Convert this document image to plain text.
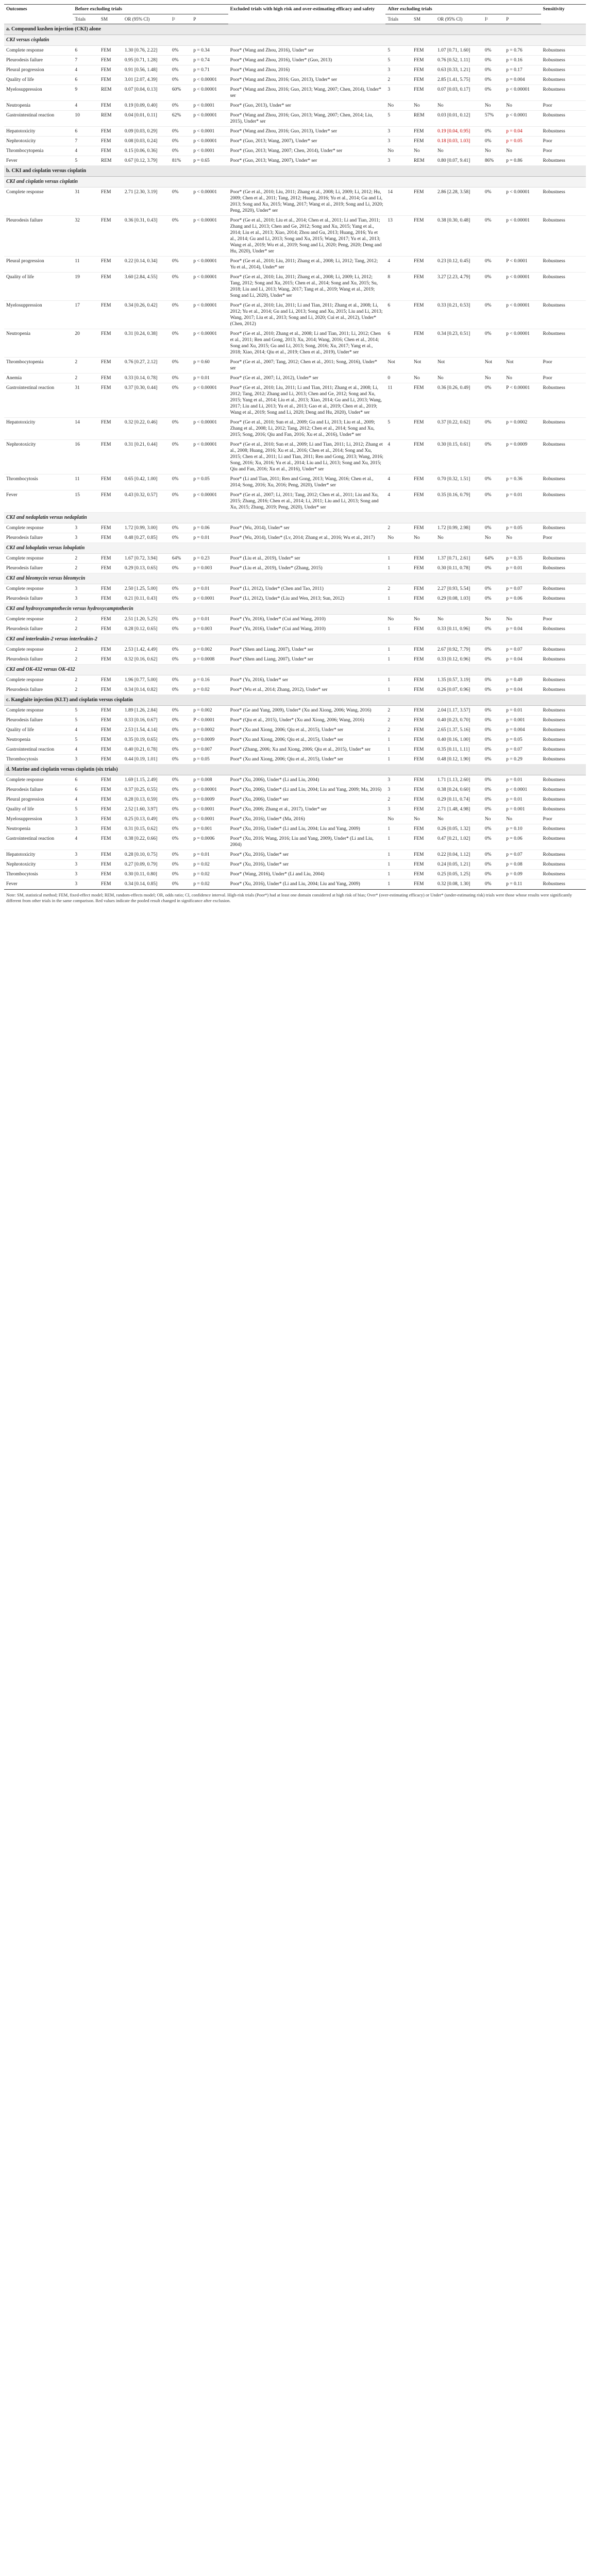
Outcomes	Before excluding trials					Excluded trials with high risk and over-estimating efficacy and safety	After excluding trials					Sensitivity
	Trials	SM	OR (95% CI)	I²	P		Trials	SM	OR (95% CI)	I²	P	
a. Compound kushen injection (CKI) alone												
CKI versus cisplatin												
Complete response	6	FEM	1.30 [0.76, 2.22]	0%	p = 0.34	Poor* (Wang and Zhou, 2016), Under* ser	5	FEM	1.07 [0.71, 1.60]	0%	p = 0.76	Robustness
Pleurodesis failure	7	FEM	0.95 [0.71, 1.28]	0%	p = 0.74	Poor* (Wang and Zhou, 2016), Under* (Guo, 2013)	5	FEM	0.76 [0.52, 1.11]	0%	p = 0.16	Robustness
Pleural progression	4	FEM	0.91 [0.56, 1.48]	0%	p = 0.71	Poor* (Wang and Zhou, 2016)	3	FEM	0.63 [0.33, 1.21]	0%	p = 0.17	Robustness
Quality of life	6	FEM	3.01 [2.07, 4.39]	0%	p < 0.00001	Poor* (Wang and Zhou, 2016; Guo, 2013), Under* ser	2	FEM	2.85 [1.41, 5.75]	0%	p = 0.004	Robustness
Myelosuppression	9	REM	0.07 [0.04, 0.13]	60%	p < 0.00001	Poor* (Wang and Zhou, 2016; Guo, 2013; Wang, 2007; Chen, 2014), Under* ser	3	FEM	0.07 [0.03, 0.17]	0%	p < 0.00001	Robustness
Neutropenia	4	FEM	0.19 [0.09, 0.40]	0%	p < 0.0001	Poor* (Guo, 2013), Under* ser	No	No	No	No	No	Poor
Gastrointestinal reaction	10	REM	0.04 [0.01, 0.11]	62%	p < 0.00001	Poor* (Wang and Zhou, 2016; Guo, 2013; Wang, 2007; Chen, 2014; Liu, 2015), Under* ser	5	REM	0.03 [0.01, 0.12]	57%	p < 0.0001	Robustness
Hepatotoxicity	6	FEM	0.09 [0.03, 0.29]	0%	p < 0.0001	Poor* (Wang and Zhou, 2016; Guo, 2013), Under* ser	3	FEM	0.19 [0.04, 0.95]	0%	p = 0.04	Robustness
Nephrotoxicity	7	FEM	0.08 [0.03, 0.24]	0%	p < 0.00001	Poor* (Guo, 2013; Wang, 2007), Under* ser	3	FEM	0.18 [0.03, 1.03]	0%	p = 0.05	Poor
Thrombocytopenia	4	FEM	0.15 [0.06, 0.36]	0%	p < 0.0001	Poor* (Guo, 2013; Wang, 2007; Chen, 2014), Under* ser	No	No	No	No	No	Poor
Fever	5	REM	0.67 [0.12, 3.79]	81%	p = 0.65	Poor* (Guo, 2013; Wang, 2007), Under* ser	3	REM	0.80 [0.07, 9.41]	86%	p = 0.86	Robustness
b. CKI and cisplatin versus cisplatin												
CKI and cisplatin versus cisplatin												
Complete response	31	FEM	2.71 [2.30, 3.19]	0%	p < 0.00001	Poor* (Ge et al., 2010; Liu, 2011; Zhang et al., 2008; Li, 2009; Li, 2012; Hu, 2009; Chen et al., 2011; Tang, 2012; Huang, 2016; Yu et al., 2014; Gu and Li, 2013; Song and Xu, 2015; Wang, 2017; Wang et al., 2019; Song and Li, 2020; Peng, 2020), Under* ser	14	FEM	2.86 [2.28, 3.58]	0%	p < 0.00001	Robustness
Pleurodesis failure	32	FEM	0.36 [0.31, 0.43]	0%	p < 0.00001	Poor* (Ge et al., 2010; Liu et al., 2014; Chen et al., 2011; Li and Tian, 2011; Zhang and Li, 2013; Chen and Ge, 2012; Song and Xu, 2015; Yang et al., 2014; Liu et al., 2013; Xiao, 2014; Zhou and Gu, 2013; Huang, 2016; Yu et al., 2014; Gu and Li, 2013; Song and Xu, 2015; Wang, 2017; Yu et al., 2013; Wang et al., 2019; Wu et al., 2019; Song and Li, 2020; Peng, 2020; Deng and Hu, 2020), Under* ser	13	FEM	0.38 [0.30, 0.48]	0%	p < 0.00001	Robustness
Pleural progression	11	FEM	0.22 [0.14, 0.34]	0%	p < 0.00001	Poor* (Ge et al., 2010; Liu, 2011; Zhang et al., 2008; Li, 2012; Tang, 2012; Yu et al., 2014), Under* ser	4	FEM	0.23 [0.12, 0.45]	0%	P < 0.0001	Robustness
Quality of life	19	FEM	3.60 [2.84, 4.55]	0%	p < 0.00001	Poor* (Ge et al., 2010; Liu, 2011; Zhang et al., 2008; Li, 2009; Li, 2012; Tang, 2012; Song and Xu, 2015; Chen et al., 2014; Song and Xu, 2015; Su, 2018; Liu and Li, 2013; Wang, 2017; Tang et al., 2019; Wang et al., 2019; Song and Li, 2020), Under* ser	8	FEM	3.27 [2.23, 4.79]	0%	p < 0.00001	Robustness
Myelosuppression	17	FEM	0.34 [0.26, 0.42]	0%	p < 0.00001	Poor* (Ge et al., 2010; Liu, 2011; Li and Tian, 2011; Zhang et al., 2008; Li, 2012; Yu et al., 2014; Gu and Li, 2013; Song and Xu, 2015; Liu and Li, 2013; Wang, 2017; Liu et al., 2013; Song and Li, 2020; Cui et al., 2012), Under* (Chen, 2012)	6	FEM	0.33 [0.21, 0.53]	0%	p < 0.00001	Robustness
Neutropenia	20	FEM	0.31 [0.24, 0.38]	0%	p < 0.00001	Poor* (Ge et al., 2010; Zhang et al., 2008; Li and Tian, 2011; Li, 2012; Chen et al., 2011; Ren and Gong, 2013; Xu, 2014; Wang, 2016; Chen et al., 2014; Song and Xu, 2015; Gu and Li, 2013; Song, 2016; Xu, 2017; Yang et al., 2018; Xiao, 2014; Qiu et al., 2019; Chen et al., 2019), Under* ser	6	FEM	0.34 [0.23, 0.51]	0%	p < 0.00001	Robustness
Thrombocytopenia	2	FEM	0.76 [0.27, 2.12]	0%	p = 0.60	Poor* (Ge et al., 2007; Tang, 2012; Chen et al., 2011; Song, 2016), Under* ser	Not	Not	Not	Not	Not	Poor
Anemia	2	FEM	0.33 [0.14, 0.78]	0%	p = 0.01	Poor* (Ge et al., 2007; Li, 2012), Under* ser	0	No	No	No	No	Poor
Gastrointestinal reaction	31	FEM	0.37 [0.30, 0.44]	0%	p < 0.00001	Poor* (Ge et al., 2010; Liu, 2011; Li and Tian, 2011; Zhang et al., 2008; Li, 2012; Tang, 2012; Zhang and Li, 2013; Chen and Ge, 2012; Song and Xu, 2015; Yang et al., 2014; Liu et al., 2013; Xiao, 2014; Gu and Li, 2013; Wang, 2017; Liu and Li, 2013; Yu et al., 2013; Gao et al., 2019; Chen et al., 2019; Wang et al., 2019; Song and Li, 2020; Deng and Hu, 2020), Under* ser	11	FEM	0.36 [0.26, 0.49]	0%	P < 0.00001	Robustness
Hepatotoxicity	14	FEM	0.32 [0.22, 0.46]	0%	p < 0.00001	Poor* (Ge et al., 2010; Sun et al., 2009; Gu and Li, 2013; Liu et al., 2009; Zhang et al., 2008; Li, 2012; Tang, 2012; Chen et al., 2014; Song and Xu, 2015; Song, 2016; Qiu and Fan, 2016; Xu et al., 2016), Under* ser	5	FEM	0.37 [0.22, 0.62]	0%	p = 0.0002	Robustness
Nephrotoxicity	16	FEM	0.31 [0.21, 0.44]	0%	p < 0.00001	Poor* (Ge et al., 2010; Sun et al., 2009; Li and Tian, 2011; Li, 2012; Zhang et al., 2008; Huang, 2016; Xu et al., 2016; Chen et al., 2014; Song and Xu, 2015; Chen et al., 2011; Li and Tian, 2011; Ren and Gong, 2013; Wang, 2016; Song, 2016; Xu, 2016; Yu et al., 2014; Liu and Li, 2013; Song and Xu, 2015; Qiu and Fan, 2016; Xu et al., 2016), Under* ser	4	FEM	0.30 [0.15, 0.61]	0%	p = 0.0009	Robustness
Thrombocytosis	11	FEM	0.65 [0.42, 1.00]	0%	p = 0.05	Poor* (Li and Tian, 2011; Ren and Gong, 2013; Wang, 2016; Chen et al., 2014; Song, 2016; Xu, 2016; Peng, 2020), Under* ser	4	FEM	0.70 [0.32, 1.51]	0%	p = 0.36	Robustness
Fever	15	FEM	0.43 [0.32, 0.57]	0%	p < 0.00001	Poor* (Ge et al., 2007; Li, 2011; Tang, 2012; Chen et al., 2011; Liu and Xu, 2015; Zhang, 2016; Chen et al., 2014; Li, 2011; Liu and Li, 2013; Song and Xu, 2015; Zhang, 2019; Peng, 2020), Under* ser	4	FEM	0.35 [0.16, 0.79]	0%	p = 0.01	Robustness
CKI and nedaplatin versus nedaplatin												
Complete response	3	FEM	1.72 [0.99, 3.00]	0%	p = 0.06	Poor* (Wu, 2014), Under* ser	2	FEM	1.72 [0.99, 2.98]	0%	p = 0.05	Robustness
Pleurodesis failure	3	FEM	0.48 [0.27, 0.85]	0%	p = 0.01	Poor* (Wu, 2014), Under* (Lv, 2014; Zhang et al., 2016; Wu et al., 2017)	No	No	No	No	No	Poor
CKI and lobaplatin versus lobaplatin												
Complete response	2	FEM	1.67 [0.72, 3.94]	64%	p = 0.23	Poor* (Liu et al., 2019), Under* ser	1	FEM	1.37 [0.71, 2.61]	64%	p = 0.35	Robustness
Pleurodesis failure	2	FEM	0.29 [0.13, 0.65]	0%	p = 0.003	Poor* (Liu et al., 2019), Under* (Zhang, 2015)	1	FEM	0.30 [0.11, 0.78]	0%	p = 0.01	Robustness
CKI and bleomycin versus bleomycin												
Complete response	3	FEM	2.50 [1.25, 5.00]	0%	p = 0.01	Poor* (Li, 2012), Under* (Chen and Tao, 2011)	2	FEM	2.27 [0.93, 5.54]	0%	p = 0.07	Robustness
Pleurodesis failure	3	FEM	0.21 [0.11, 0.43]	0%	p < 0.0001	Poor* (Li, 2012), Under* (Liu and Wen, 2013; Sun, 2012)	1	FEM	0.29 [0.08, 1.03]	0%	p = 0.06	Robustness
CKI and hydroxycamptothecin versus hydroxycamptothecin												
Complete response	2	FEM	2.51 [1.20, 5.25]	0%	p = 0.01	Poor* (Yu, 2016), Under* (Cui and Wang, 2010)	No	No	No	No	No	Poor
Pleurodesis failure	2	FEM	0.28 [0.12, 0.65]	0%	p = 0.003	Poor* (Yu, 2016), Under* (Cui and Wang, 2010)	1	FEM	0.33 [0.11, 0.96]	0%	p = 0.04	Robustness
CKI and interleukin-2 versus interleukin-2												
Complete response	2	FEM	2.53 [1.42, 4.49]	0%	p = 0.002	Poor* (Shen and Liang, 2007), Under* ser	1	FEM	2.67 [0.92, 7.79]	0%	p = 0.07	Robustness
Pleurodesis failure	2	FEM	0.32 [0.16, 0.62]	0%	p = 0.0008	Poor* (Shen and Liang, 2007), Under* ser	1	FEM	0.33 [0.12, 0.96]	0%	p = 0.04	Robustness
CKI and OK-432 versus OK-432												
Complete response	2	FEM	1.96 [0.77, 5.00]	0%	p = 0.16	Poor* (Yu, 2016), Under* ser	1	FEM	1.35 [0.57, 3.19]	0%	p = 0.49	Robustness
Pleurodesis failure	2	FEM	0.34 [0.14, 0.82]	0%	p = 0.02	Poor* (Wu et al., 2014; Zhang, 2012), Under* ser	1	FEM	0.26 [0.07, 0.96]	0%	p = 0.04	Robustness
c. Kanglaite injection (KLT) and cisplatin versus cisplatin												
Complete response	5	FEM	1.89 [1.26, 2.84]	0%	p = 0.002	Poor* (Ge and Yang, 2009), Under* (Xu and Xiong, 2006; Wang, 2016)	2	FEM	2.04 [1.17, 3.57]	0%	p = 0.01	Robustness
Pleurodesis failure	5	FEM	0.33 [0.16, 0.67]	0%	P < 0.0001	Poor* (Qiu et al., 2015), Under* (Xu and Xiong, 2006; Wang, 2016)	2	FEM	0.40 [0.23, 0.70]	0%	p = 0.001	Robustness
Quality of life	4	FEM	2.53 [1.54, 4.14]	0%	p = 0.0002	Poor* (Xu and Xiong, 2006; Qiu et al., 2015), Under* ser	2	FEM	2.65 [1.37, 5.16]	0%	p = 0.004	Robustness
Neutropenia	5	FEM	0.35 [0.19, 0.65]	0%	p = 0.0009	Poor* (Xu and Xiong, 2006; Qiu et al., 2015), Under* ser	1	FEM	0.40 [0.16, 1.00]	0%	p = 0.05	Robustness
Gastrointestinal reaction	4	FEM	0.40 [0.21, 0.78]	0%	p = 0.007	Poor* (Zhang, 2006; Xu and Xiong, 2006; Qiu et al., 2015), Under* ser	1	FEM	0.35 [0.11, 1.11]	0%	p = 0.07	Robustness
Thrombocytosis	3	FEM	0.44 [0.19, 1.01]	0%	p = 0.05	Poor* (Xu and Xiong, 2006; Qiu et al., 2015), Under* ser	1	FEM	0.48 [0.12, 1.90]	0%	p = 0.29	Robustness
d. Matrine and cisplatin versus cisplatin (six trials)												
Complete response	6	FEM	1.69 [1.15, 2.49]	0%	p = 0.008	Poor* (Xu, 2006), Under* (Li and Liu, 2004)	3	FEM	1.71 [1.13, 2.60]	0%	p = 0.01	Robustness
Pleurodesis failure	6	FEM	0.37 [0.25, 0.55]	0%	p < 0.00001	Poor* (Xu, 2006), Under* (Li and Liu, 2004; Liu and Yang, 2009; Ma, 2016)	3	FEM	0.38 [0.24, 0.60]	0%	p < 0.0001	Robustness
Pleural progression	4	FEM	0.28 [0.13, 0.59]	0%	p = 0.0009	Poor* (Xu, 2006), Under* ser	2	FEM	0.29 [0.11, 0.74]	0%	p = 0.01	Robustness
Quality of life	5	FEM	2.52 [1.60, 3.97]	0%	p < 0.0001	Poor* (Xu, 2006; Zhang et al., 2017), Under* ser	3	FEM	2.71 [1.48, 4.98]	0%	p = 0.001	Robustness
Myelosuppression	3	FEM	0.25 [0.13, 0.49]	0%	p < 0.0001	Poor* (Xu, 2016), Under* (Ma, 2016)	No	No	No	No	No	Poor
Neutropenia	3	FEM	0.31 [0.15, 0.62]	0%	p = 0.001	Poor* (Xu, 2016), Under* (Li and Liu, 2004; Liu and Yang, 2009)	1	FEM	0.26 [0.05, 1.32]	0%	p = 0.10	Robustness
Gastrointestinal reaction	4	FEM	0.38 [0.22, 0.66]	0%	p = 0.0006	Poor* (Xu, 2016; Wang, 2016; Liu and Yang, 2009), Under* (Li and Liu, 2004)	1	FEM	0.47 [0.21, 1.02]	0%	p = 0.06	Robustness
Hepatotoxicity	3	FEM	0.28 [0.10, 0.75]	0%	p = 0.01	Poor* (Xu, 2016), Under* ser	1	FEM	0.22 [0.04, 1.12]	0%	p = 0.07	Robustness
Nephrotoxicity	3	FEM	0.27 [0.09, 0.79]	0%	p = 0.02	Poor* (Xu, 2016), Under* ser	1	FEM	0.24 [0.05, 1.21]	0%	p = 0.08	Robustness
Thrombocytosis	3	FEM	0.30 [0.11, 0.80]	0%	p = 0.02	Poor* (Wang, 2016), Under* (Li and Liu, 2004)	1	FEM	0.25 [0.05, 1.25]	0%	p = 0.09	Robustness
Fever	3	FEM	0.34 [0.14, 0.85]	0%	p = 0.02	Poor* (Xu, 2016), Under* (Li and Liu, 2004; Liu and Yang, 2009)	1	FEM	0.32 [0.08, 1.30]	0%	p = 0.11	Robustness
Note: SM, statistical method; FEM, fixed-effect model; REM, random-effects model; OR, odds ratio; CI, confidence interval. High-risk trials (Poor*) had at least one domain considered at high risk of bias; Over* (over-estimating efficacy) or Under* (under-estimating risk) trials were those whose results were significantly different from other trials in the same comparison. Red values indicate the pooled result changed in significance after exclusion.
